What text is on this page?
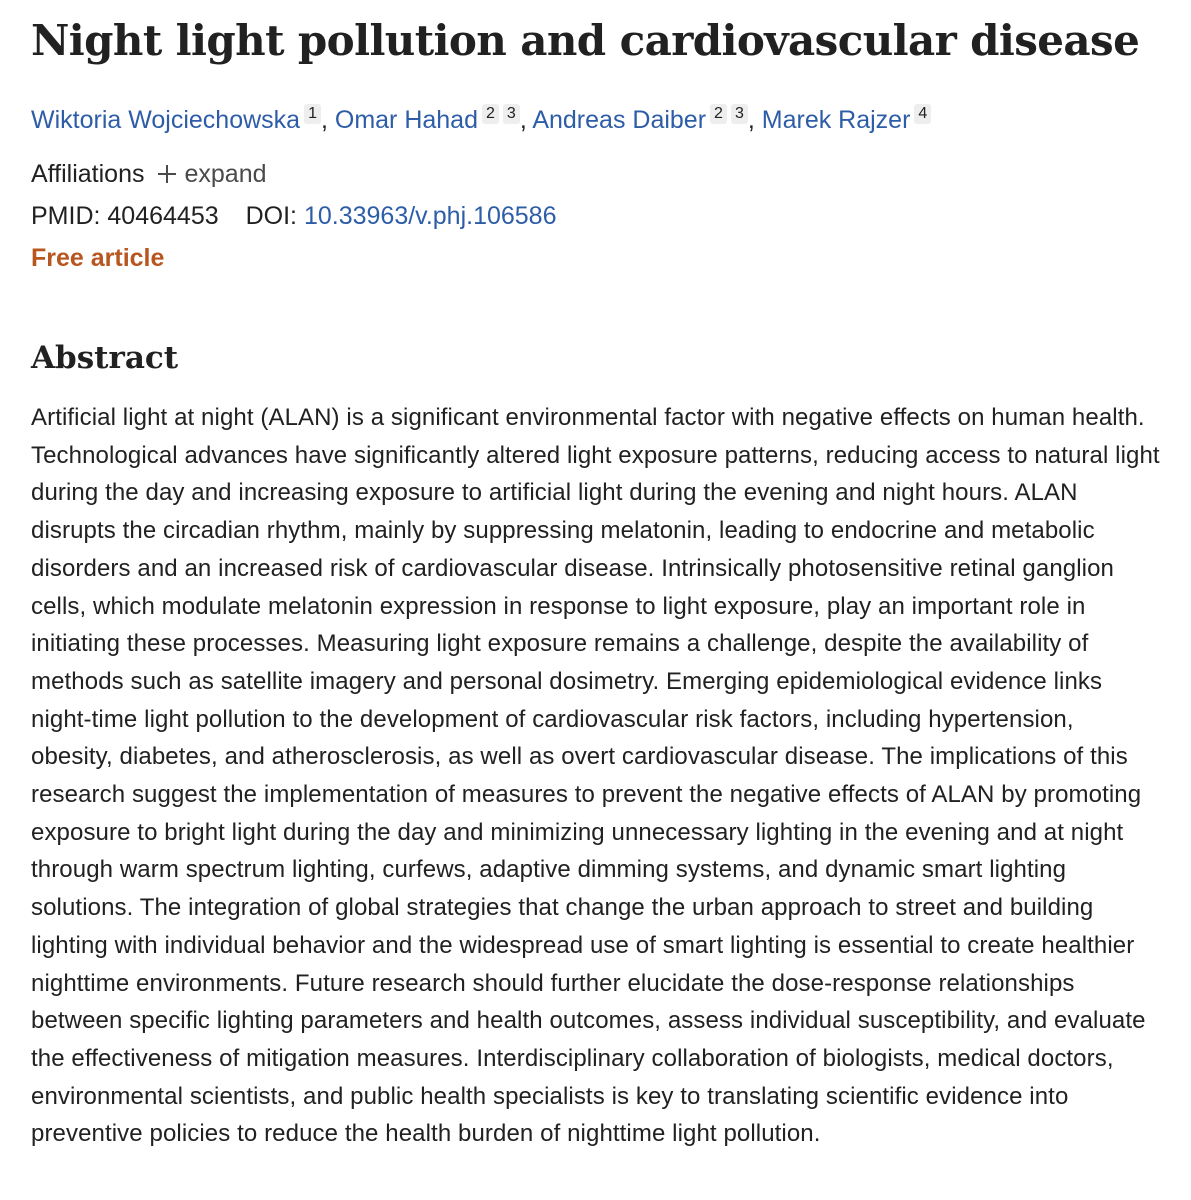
Night light pollution and cardiovascular disease
Wiktoria Wojciechowska 1 , Omar Hahad 2 3 , Andreas Daiber 2 3 , Marek Rajzer 4
Affiliations expand
PMID: 40464453 DOI: 10.33963/v.phj.106586
Free article
Abstract

Artificial light at night (ALAN) is a significant environmental factor with negative effects on human health. Technological advances have significantly altered light exposure patterns, reducing access to natural light during the day and increasing exposure to artificial light during the evening and night hours. ALAN disrupts the circadian rhythm, mainly by suppressing melatonin, leading to endocrine and metabolic disorders and an increased risk of cardiovascular disease. Intrinsically photosensitive retinal ganglion cells, which modulate melatonin expression in response to light exposure, play an important role in initiating these processes. Measuring light exposure remains a challenge, despite the availability of methods such as satellite imagery and personal dosimetry. Emerging epidemiological evidence links night-time light pollution to the development of cardiovascular risk factors, including hypertension, obesity, diabetes, and atherosclerosis, as well as overt cardiovascular disease. The implications of this research suggest the implementation of measures to prevent the negative effects of ALAN by promoting exposure to bright light during the day and minimizing unnecessary lighting in the evening and at night through warm spectrum lighting, curfews, adaptive dimming systems, and dynamic smart lighting solutions. The integration of global strategies that change the urban approach to street and building lighting with individual behavior and the widespread use of smart lighting is essential to create healthier nighttime environments. Future research should further elucidate the dose-response relationships between specific lighting parameters and health outcomes, assess individual susceptibility, and evaluate the effectiveness of mitigation measures. Interdisciplinary collaboration of biologists, medical doctors, environmental scientists, and public health specialists is key to translating scientific evidence into preventive policies to reduce the health burden of nighttime light pollution.
